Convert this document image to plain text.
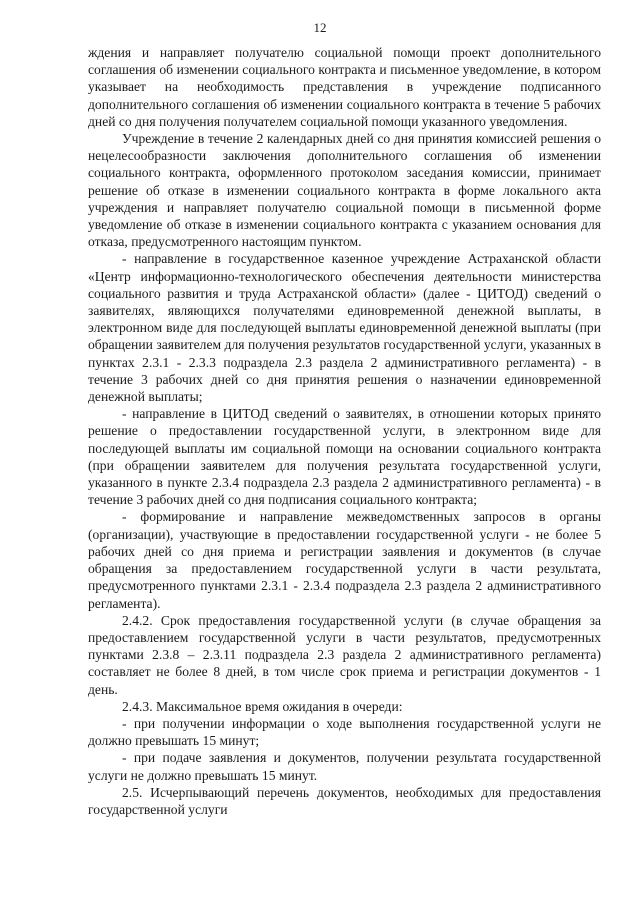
12

ждения и направляет получателю социальной помощи проект дополнительного соглашения об изменении социального контракта и письменное уведомление, в котором указывает на необходимость представления в учреждение подписанного дополнительного соглашения об изменении социального контракта в течение 5 рабочих дней со дня получения получателем социальной помощи указанного уведомления.

Учреждение в течение 2 календарных дней со дня принятия комиссией решения о нецелесообразности заключения дополнительного соглашения об изменении социального контракта, оформленного протоколом заседания комиссии, принимает решение об отказе в изменении социального контракта в форме локального акта учреждения и направляет получателю социальной помощи в письменной форме уведомление об отказе в изменении социального контракта с указанием основания для отказа, предусмотренного настоящим пунктом.

- направление в государственное казенное учреждение Астраханской области «Центр информационно-технологического обеспечения деятельности министерства социального развития и труда Астраханской области» (далее - ЦИТОД) сведений о заявителях, являющихся получателями единовременной денежной выплаты, в электронном виде для последующей выплаты единовременной денежной выплаты (при обращении заявителем для получения результатов государственной услуги, указанных в пунктах 2.3.1 - 2.3.3 подраздела 2.3 раздела 2 административного регламента) - в течение 3 рабочих дней со дня принятия решения о назначении единовременной денежной выплаты;

- направление в ЦИТОД сведений о заявителях, в отношении которых принято решение о предоставлении государственной услуги, в электронном виде для последующей выплаты им социальной помощи на основании социального контракта (при обращении заявителем для получения результата государственной услуги, указанного в пункте 2.3.4 подраздела 2.3 раздела 2 административного регламента) - в течение 3 рабочих дней со дня подписания социального контракта;

- формирование и направление межведомственных запросов в органы (организации), участвующие в предоставлении государственной услуги - не более 5 рабочих дней со дня приема и регистрации заявления и документов (в случае обращения за предоставлением государственной услуги в части результата, предусмотренного пунктами 2.3.1 - 2.3.4 подраздела 2.3 раздела 2 административного регламента).

2.4.2. Срок предоставления государственной услуги (в случае обращения за предоставлением государственной услуги в части результатов, предусмотренных пунктами 2.3.8 – 2.3.11 подраздела 2.3 раздела 2 административного регламента) составляет не более 8 дней, в том числе срок приема и регистрации документов - 1 день.

2.4.3. Максимальное время ожидания в очереди:

- при получении информации о ходе выполнения государственной услуги не должно превышать 15 минут;

- при подаче заявления и документов, получении результата государственной услуги не должно превышать 15 минут.

2.5. Исчерпывающий перечень документов, необходимых для предоставления государственной услуги
